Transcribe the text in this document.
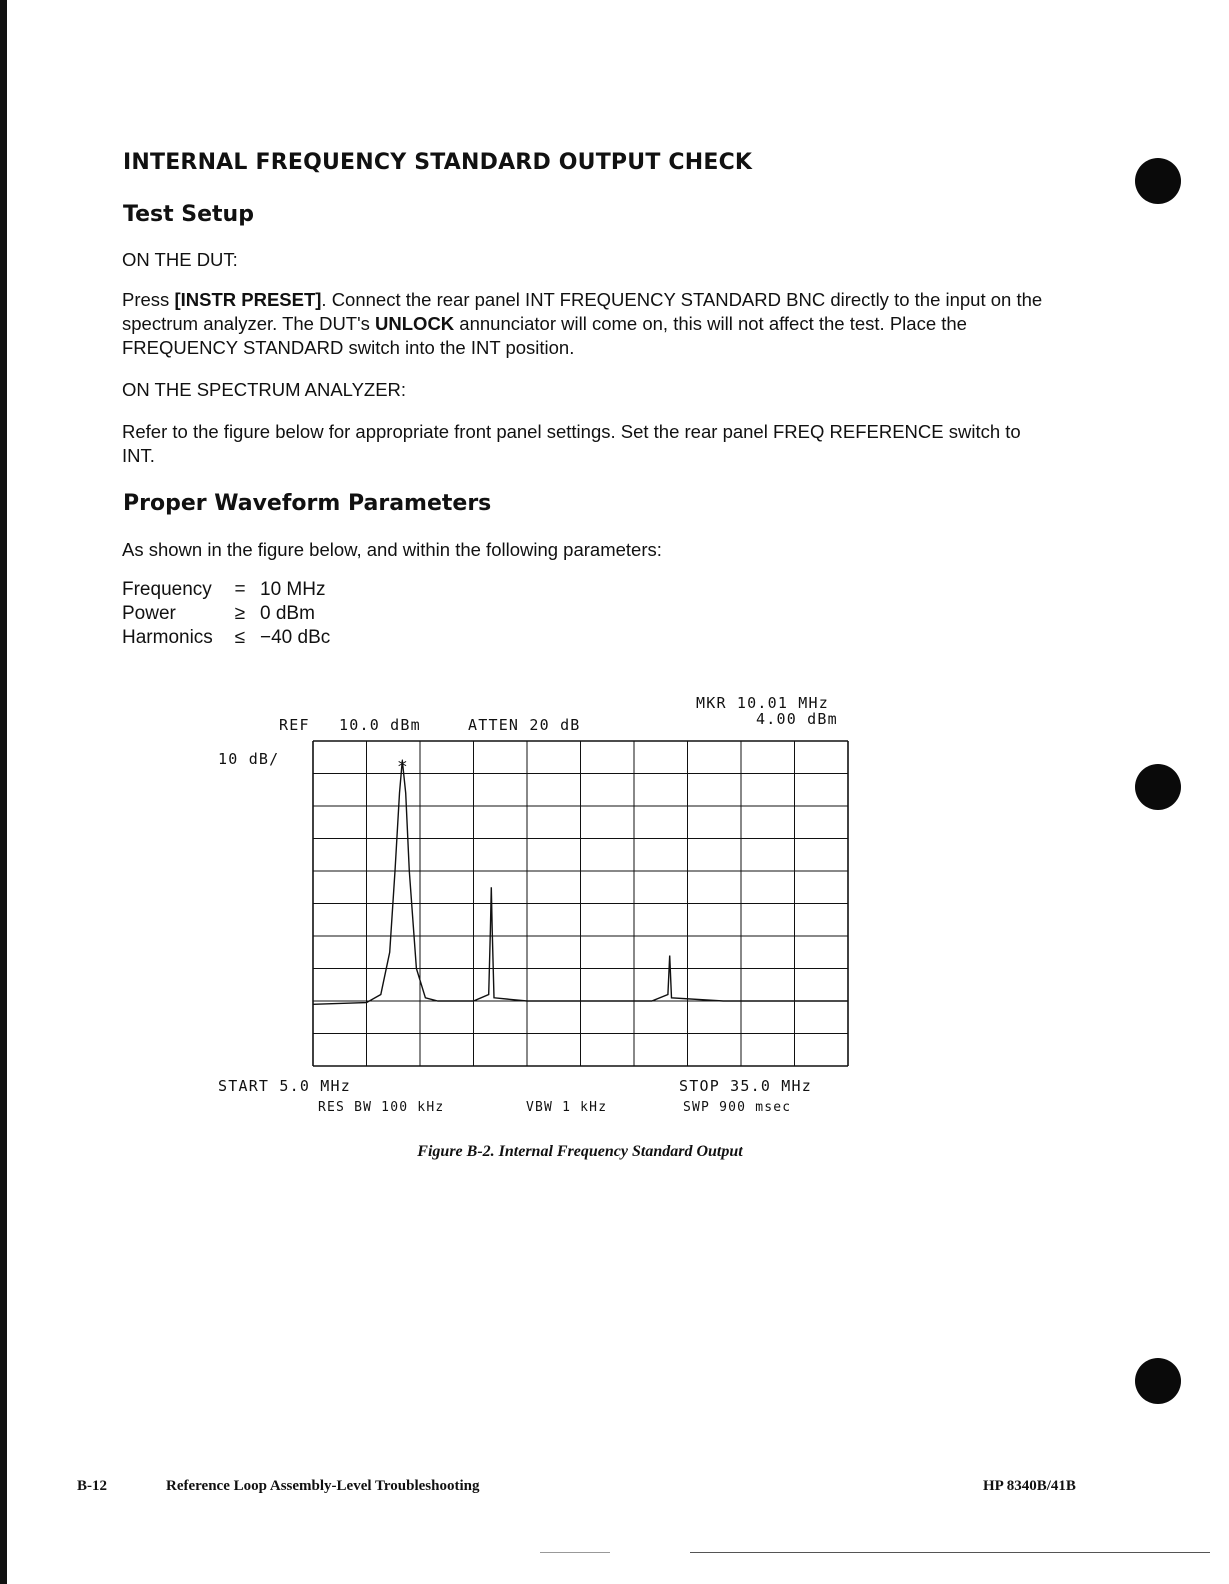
INTERNAL FREQUENCY STANDARD OUTPUT CHECK
Test Setup

ON THE DUT:

Press [INSTR PRESET]. Connect the rear panel INT FREQUENCY STANDARD BNC directly to the input on the spectrum analyzer. The DUT's UNLOCK annunciator will come on, this will not affect the test. Place the FREQUENCY STANDARD switch into the INT position.

ON THE SPECTRUM ANALYZER:

Refer to the figure below for appropriate front panel settings. Set the rear panel FREQ REFERENCE switch to INT.

Proper Waveform Parameters

As shown in the figure below, and within the following parameters:

Frequency	=	10 MHz
Power	≥	0 dBm
Harmonics	≤	−40 dBc
MKR 10.01 MHz
4.00 dBm
REF 10.0 dBm	ATTEN 20 dB
10 dB/	*
START 5.0 MHz	STOP 35.0 MHz
RES BW 100 kHz	VBW 1 kHz	SWP 900 msec
Figure B-2. Internal Frequency Standard Output
B-12	Reference Loop Assembly-Level Troubleshooting	HP 8340B/41B
